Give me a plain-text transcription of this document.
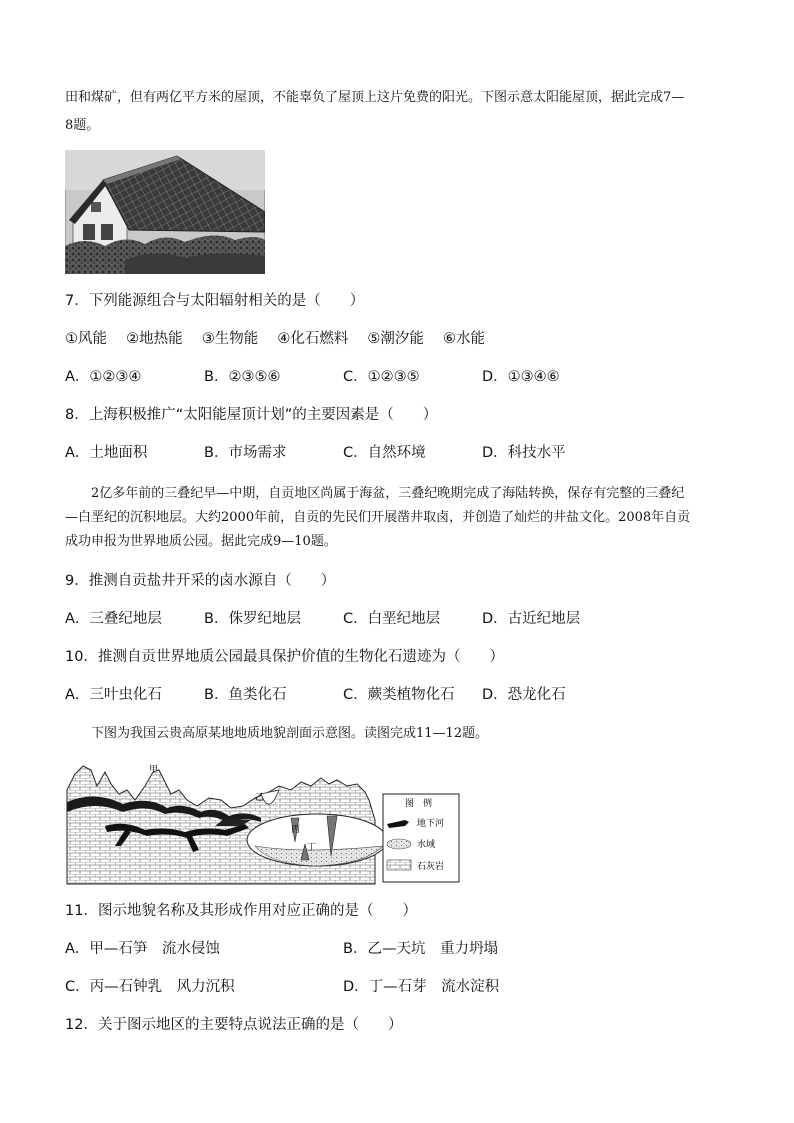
田和煤矿，但有两亿平方米的屋顶，不能辜负了屋顶上这片免费的阳光。下图示意太阳能屋顶，据此完成7—
8题。
7．下列能源组合与太阳辐射相关的是（　　）
①风能　 ②地热能　 ③生物能　 ④化石燃料　 ⑤潮汐能　 ⑥水能
A．①②③④	B．②③⑤⑥	C．①②③⑤	D．①③④⑥
8．上海积极推广“太阳能屋顶计划”的主要因素是（　　）
A．土地面积	B．市场需求	C．自然环境	D．科技水平
2亿多年前的三叠纪早—中期，自贡地区尚属于海盆，三叠纪晚期完成了海陆转换，保存有完整的三叠纪
—白垩纪的沉积地层。大约2000年前，自贡的先民们开展凿井取卤，并创造了灿烂的井盐文化。2008年自贡
成功申报为世界地质公园。据此完成9—10题。
9．推测自贡盐井开采的卤水源自（　　）
A．三叠纪地层	B．侏罗纪地层	C．白垩纪地层	D．古近纪地层
10．推测自贡世界地质公园最具保护价值的生物化石遗迹为（　　）
A．三叶虫化石	B．鱼类化石	C．蕨类植物化石 D．恐龙化石
下图为我国云贵高原某地地质地貌剖面示意图。读图完成11—12题。
甲
乙
丙
丁
图　例
地下河
水域
石灰岩
11．图示地貌名称及其形成作用对应正确的是（　　）
A．甲—石笋　流水侵蚀	B．乙—天坑　重力坍塌
C．丙—石钟乳　风力沉积	D．丁—石芽　流水淀积
12．关于图示地区的主要特点说法正确的是（　　）
